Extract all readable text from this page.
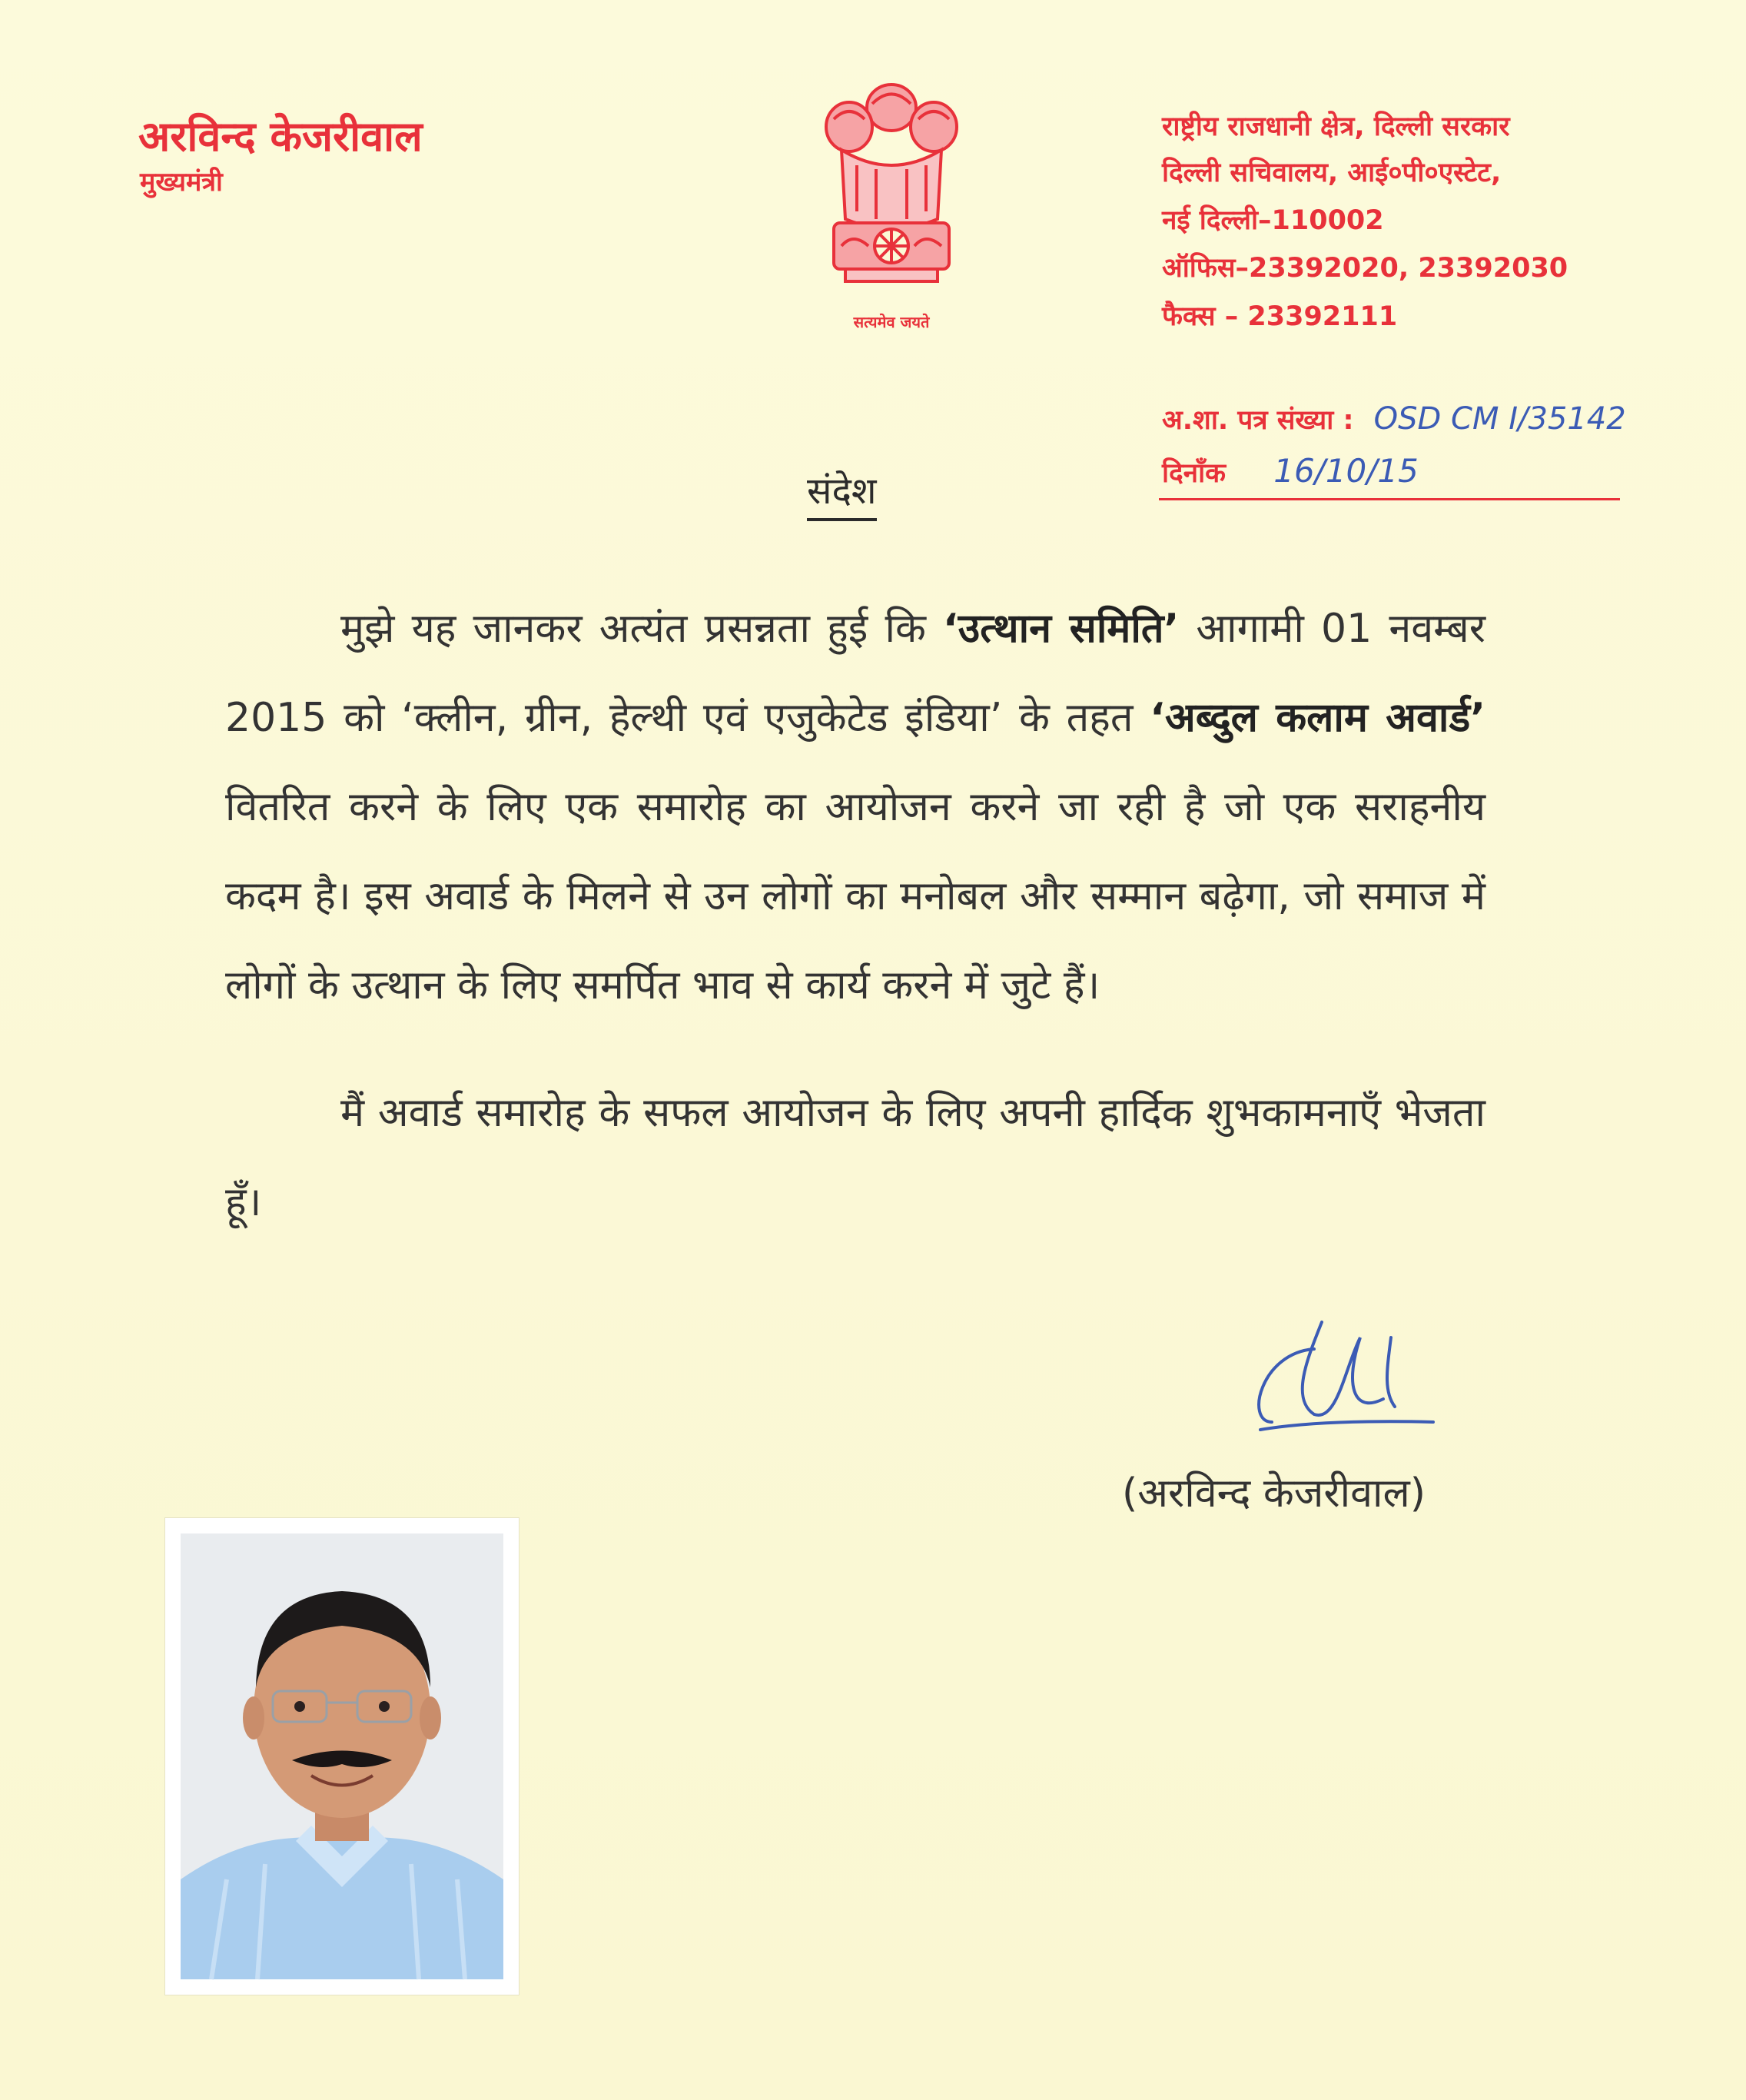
अरविन्द केजरीवाल
मुख्यमंत्री
सत्यमेव जयते
राष्ट्रीय राजधानी क्षेत्र, दिल्ली सरकार
दिल्ली सचिवालय, आई०पी०एस्टेट,
नई दिल्ली–110002
ऑफिस–23392020, 23392030
फैक्स – 23392111
अ.शा. पत्र संख्या : OSD CM I/35142
दिनाँक 16/10/15
संदेश

मुझे यह जानकर अत्यंत प्रसन्नता हुई कि ‘उत्थान समिति’ आगामी 01 नवम्बर 2015 को ‘क्लीन, ग्रीन, हेल्थी एवं एजुकेटेड इंडिया’ के तहत ‘अब्दुल कलाम अवार्ड’ वितरित करने के लिए एक समारोह का आयोजन करने जा रही है जो एक सराहनीय कदम है। इस अवार्ड के मिलने से उन लोगों का मनोबल और सम्मान बढ़ेगा, जो समाज में लोगों के उत्थान के लिए समर्पित भाव से कार्य करने में जुटे हैं।

मैं अवार्ड समारोह के सफल आयोजन के लिए अपनी हार्दिक शुभकामनाएँ भेजता हूँ।

(अरविन्द केजरीवाल)
